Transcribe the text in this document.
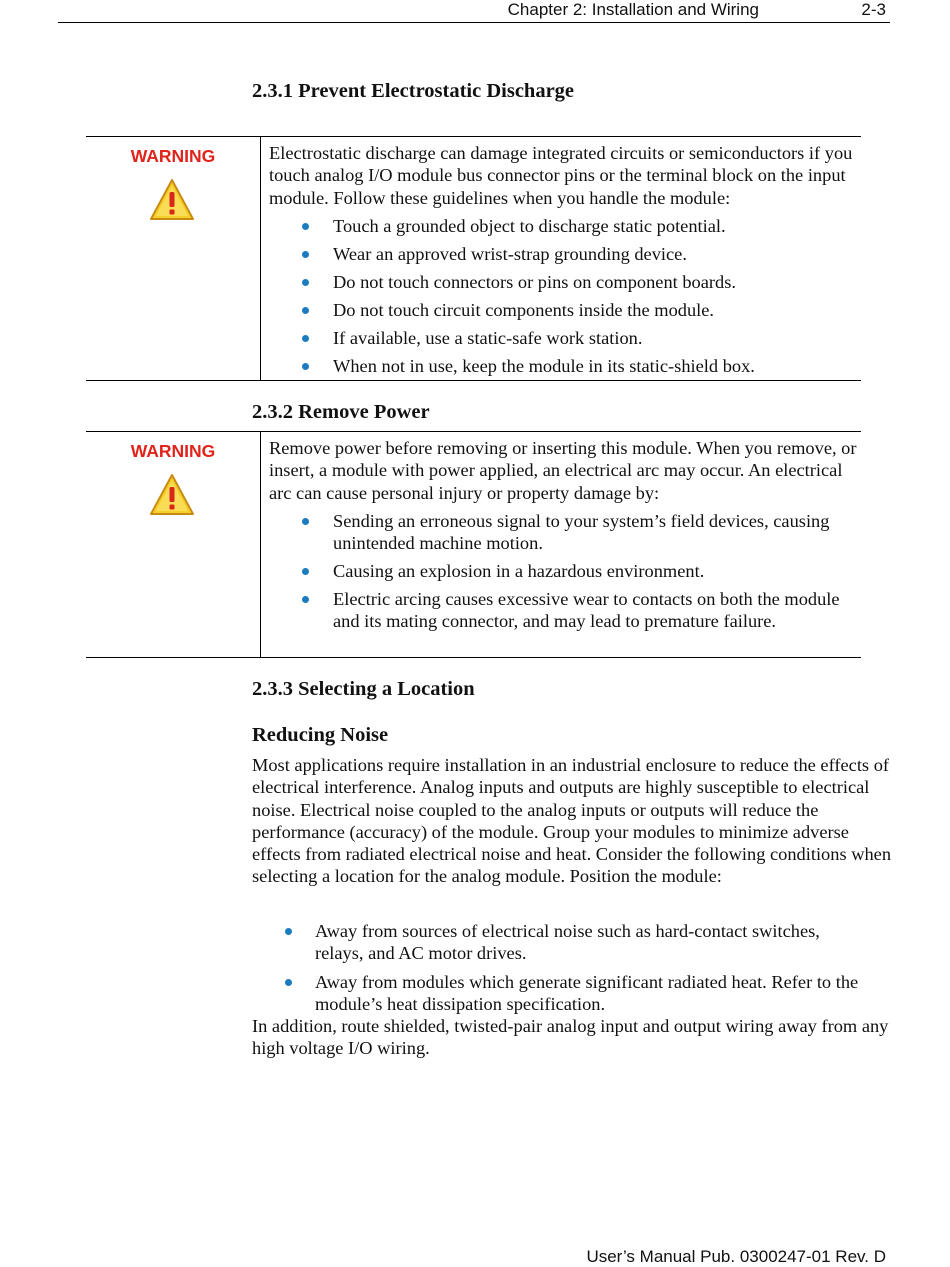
Chapter 2: Installation and Wiring	2-3
2.3.1 Prevent Electrostatic Discharge
WARNING	Electrostatic discharge can damage integrated circuits or semiconductors if you touch analog I/O module bus connector pins or the terminal block on the input module. Follow these guidelines when you handle the module:

Touch a grounded object to discharge static potential.
Wear an approved wrist-strap grounding device.
Do not touch connectors or pins on component boards.
Do not touch circuit components inside the module.
If available, use a static-safe work station.
When not in use, keep the module in its static-shield box.
2.3.2 Remove Power
WARNING	Remove power before removing or inserting this module. When you remove, or insert, a module with power applied, an electrical arc may occur. An electrical arc can cause personal injury or property damage by:

Sending an erroneous signal to your system’s field devices, causing unintended machine motion.
Causing an explosion in a hazardous environment.
Electric arcing causes excessive wear to contacts on both the module and its mating connector, and may lead to premature failure.
2.3.3 Selecting a Location
Reducing Noise

Most applications require installation in an industrial enclosure to reduce the effects of electrical interference. Analog inputs and outputs are highly susceptible to electrical noise. Electrical noise coupled to the analog inputs or outputs will reduce the performance (accuracy) of the module. Group your modules to minimize adverse effects from radiated electrical noise and heat. Consider the following conditions when selecting a location for the analog module. Position the module:

Away from sources of electrical noise such as hard-contact switches, relays, and AC motor drives.
Away from modules which generate significant radiated heat. Refer to the module’s heat dissipation specification.

In addition, route shielded, twisted-pair analog input and output wiring away from any high voltage I/O wiring.

User’s Manual Pub. 0300247-01 Rev. D
